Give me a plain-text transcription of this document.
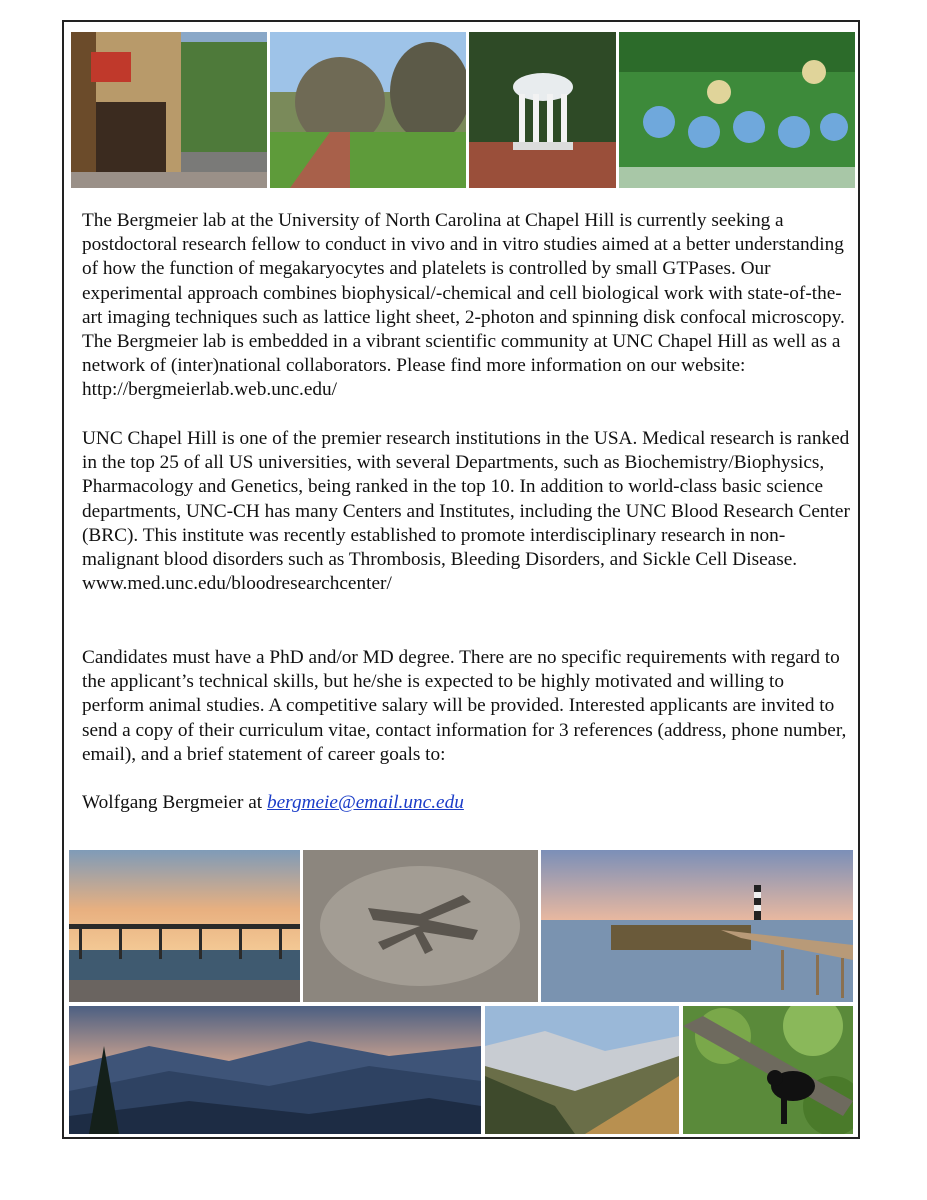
The Bergmeier lab at the University of North Carolina at Chapel Hill is currently seeking a postdoctoral research fellow to conduct in vivo and in vitro studies aimed at a better understanding of how the function of megakaryocytes and platelets is controlled by small GTPases. Our experimental approach combines biophysical/-chemical and cell biological work with state-of-the-art imaging techniques such as lattice light sheet, 2-photon and spinning disk confocal microscopy. The Bergmeier lab is embedded in a vibrant scientific community at UNC Chapel Hill as well as a network of (inter)national collaborators. Please find more information on our website: http://bergmeierlab.web.unc.edu/

UNC Chapel Hill is one of the premier research institutions in the USA. Medical research is ranked in the top 25 of all US universities, with several Departments, such as Biochemistry/Biophysics, Pharmacology and Genetics, being ranked in the top 10. In addition to world-class basic science departments, UNC-CH has many Centers and Institutes, including the UNC Blood Research Center (BRC). This institute was recently established to promote interdisciplinary research in non-malignant blood disorders such as Thrombosis, Bleeding Disorders, and Sickle Cell Disease. www.med.unc.edu/bloodresearchcenter/

Candidates must have a PhD and/or MD degree. There are no specific requirements with regard to the applicant’s technical skills, but he/she is expected to be highly motivated and willing to perform animal studies. A competitive salary will be provided. Interested applicants are invited to send a copy of their curriculum vitae, contact information for 3 references (address, phone number, email), and a brief statement of career goals to:

Wolfgang Bergmeier at bergmeie@email.unc.edu
